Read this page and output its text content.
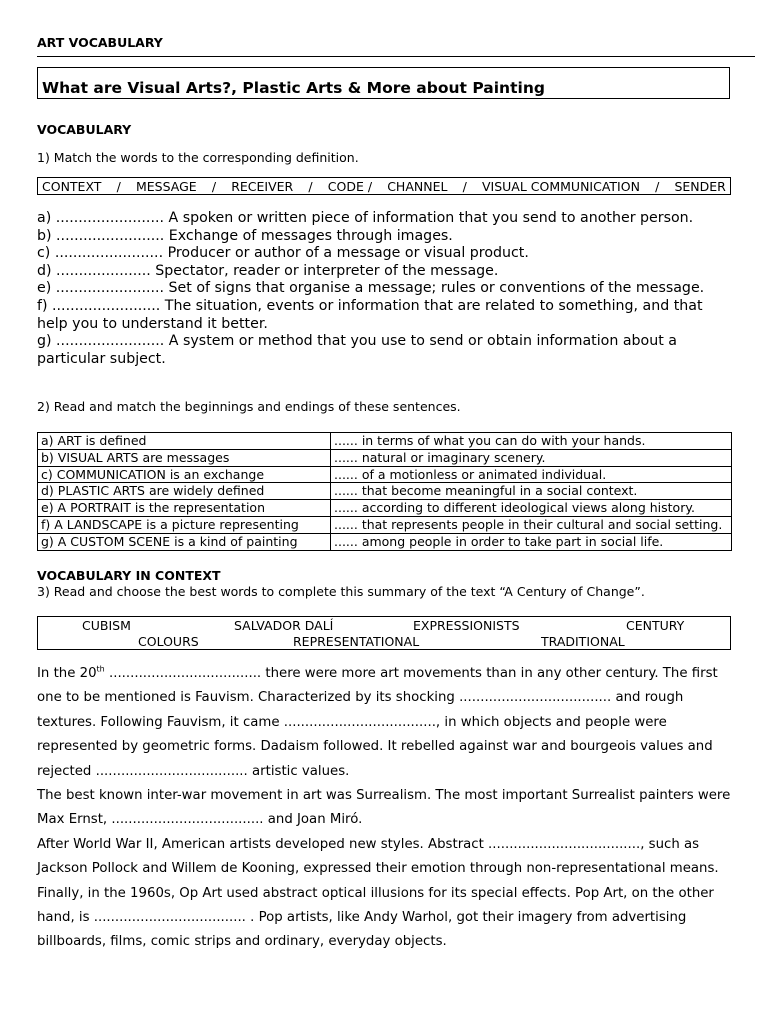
ART VOCABULARY
What are Visual Arts?, Plastic Arts & More about Painting
VOCABULARY
1) Match the words to the corresponding definition.
CONTEXT / MESSAGE / RECEIVER / CODE / CHANNEL / VISUAL COMMUNICATION / SENDER
a) ........................ A spoken or written piece of information that you send to another person.
b) ........................ Exchange of messages through images.
c) ........................ Producer or author of a message or visual product.
d) ..................... Spectator, reader or interpreter of the message.
e) ........................ Set of signs that organise a message; rules or conventions of the message.
f) ........................ The situation, events or information that are related to something, and that help you to understand it better.
g) ........................ A system or method that you use to send or obtain information about a particular subject.
2) Read and match the beginnings and endings of these sentences.
a) ART is defined	...... in terms of what you can do with your hands.
b) VISUAL ARTS are messages	...... natural or imaginary scenery.
c) COMMUNICATION is an exchange	...... of a motionless or animated individual.
d) PLASTIC ARTS are widely defined	...... that become meaningful in a social context.
e) A PORTRAIT is the representation	...... according to different ideological views along history.
f) A LANDSCAPE is a picture representing	...... that represents people in their cultural and social setting.
g) A CUSTOM SCENE is a kind of painting	...... among people in order to take part in social life.
VOCABULARY IN CONTEXT
3) Read and choose the best words to complete this summary of the text “A Century of Change”.
CUBISM	SALVADOR DALÍ	EXPRESSIONISTS	CENTURY
COLOURS	REPRESENTATIONAL	TRADITIONAL

In the 20th .................................... there were more art movements than in any other century. The first one to be mentioned is Fauvism. Characterized by its shocking .................................... and rough textures. Following Fauvism, it came ...................................., in which objects and people were represented by geometric forms. Dadaism followed. It rebelled against war and bourgeois values and rejected .................................... artistic values.

The best known inter-war movement in art was Surrealism. The most important Surrealist painters were Max Ernst, .................................... and Joan Miró.

After World War II, American artists developed new styles. Abstract ...................................., such as Jackson Pollock and Willem de Kooning, expressed their emotion through non-representational means.

Finally, in the 1960s, Op Art used abstract optical illusions for its special effects. Pop Art, on the other hand, is .................................... . Pop artists, like Andy Warhol, got their imagery from advertising billboards, films, comic strips and ordinary, everyday objects.
